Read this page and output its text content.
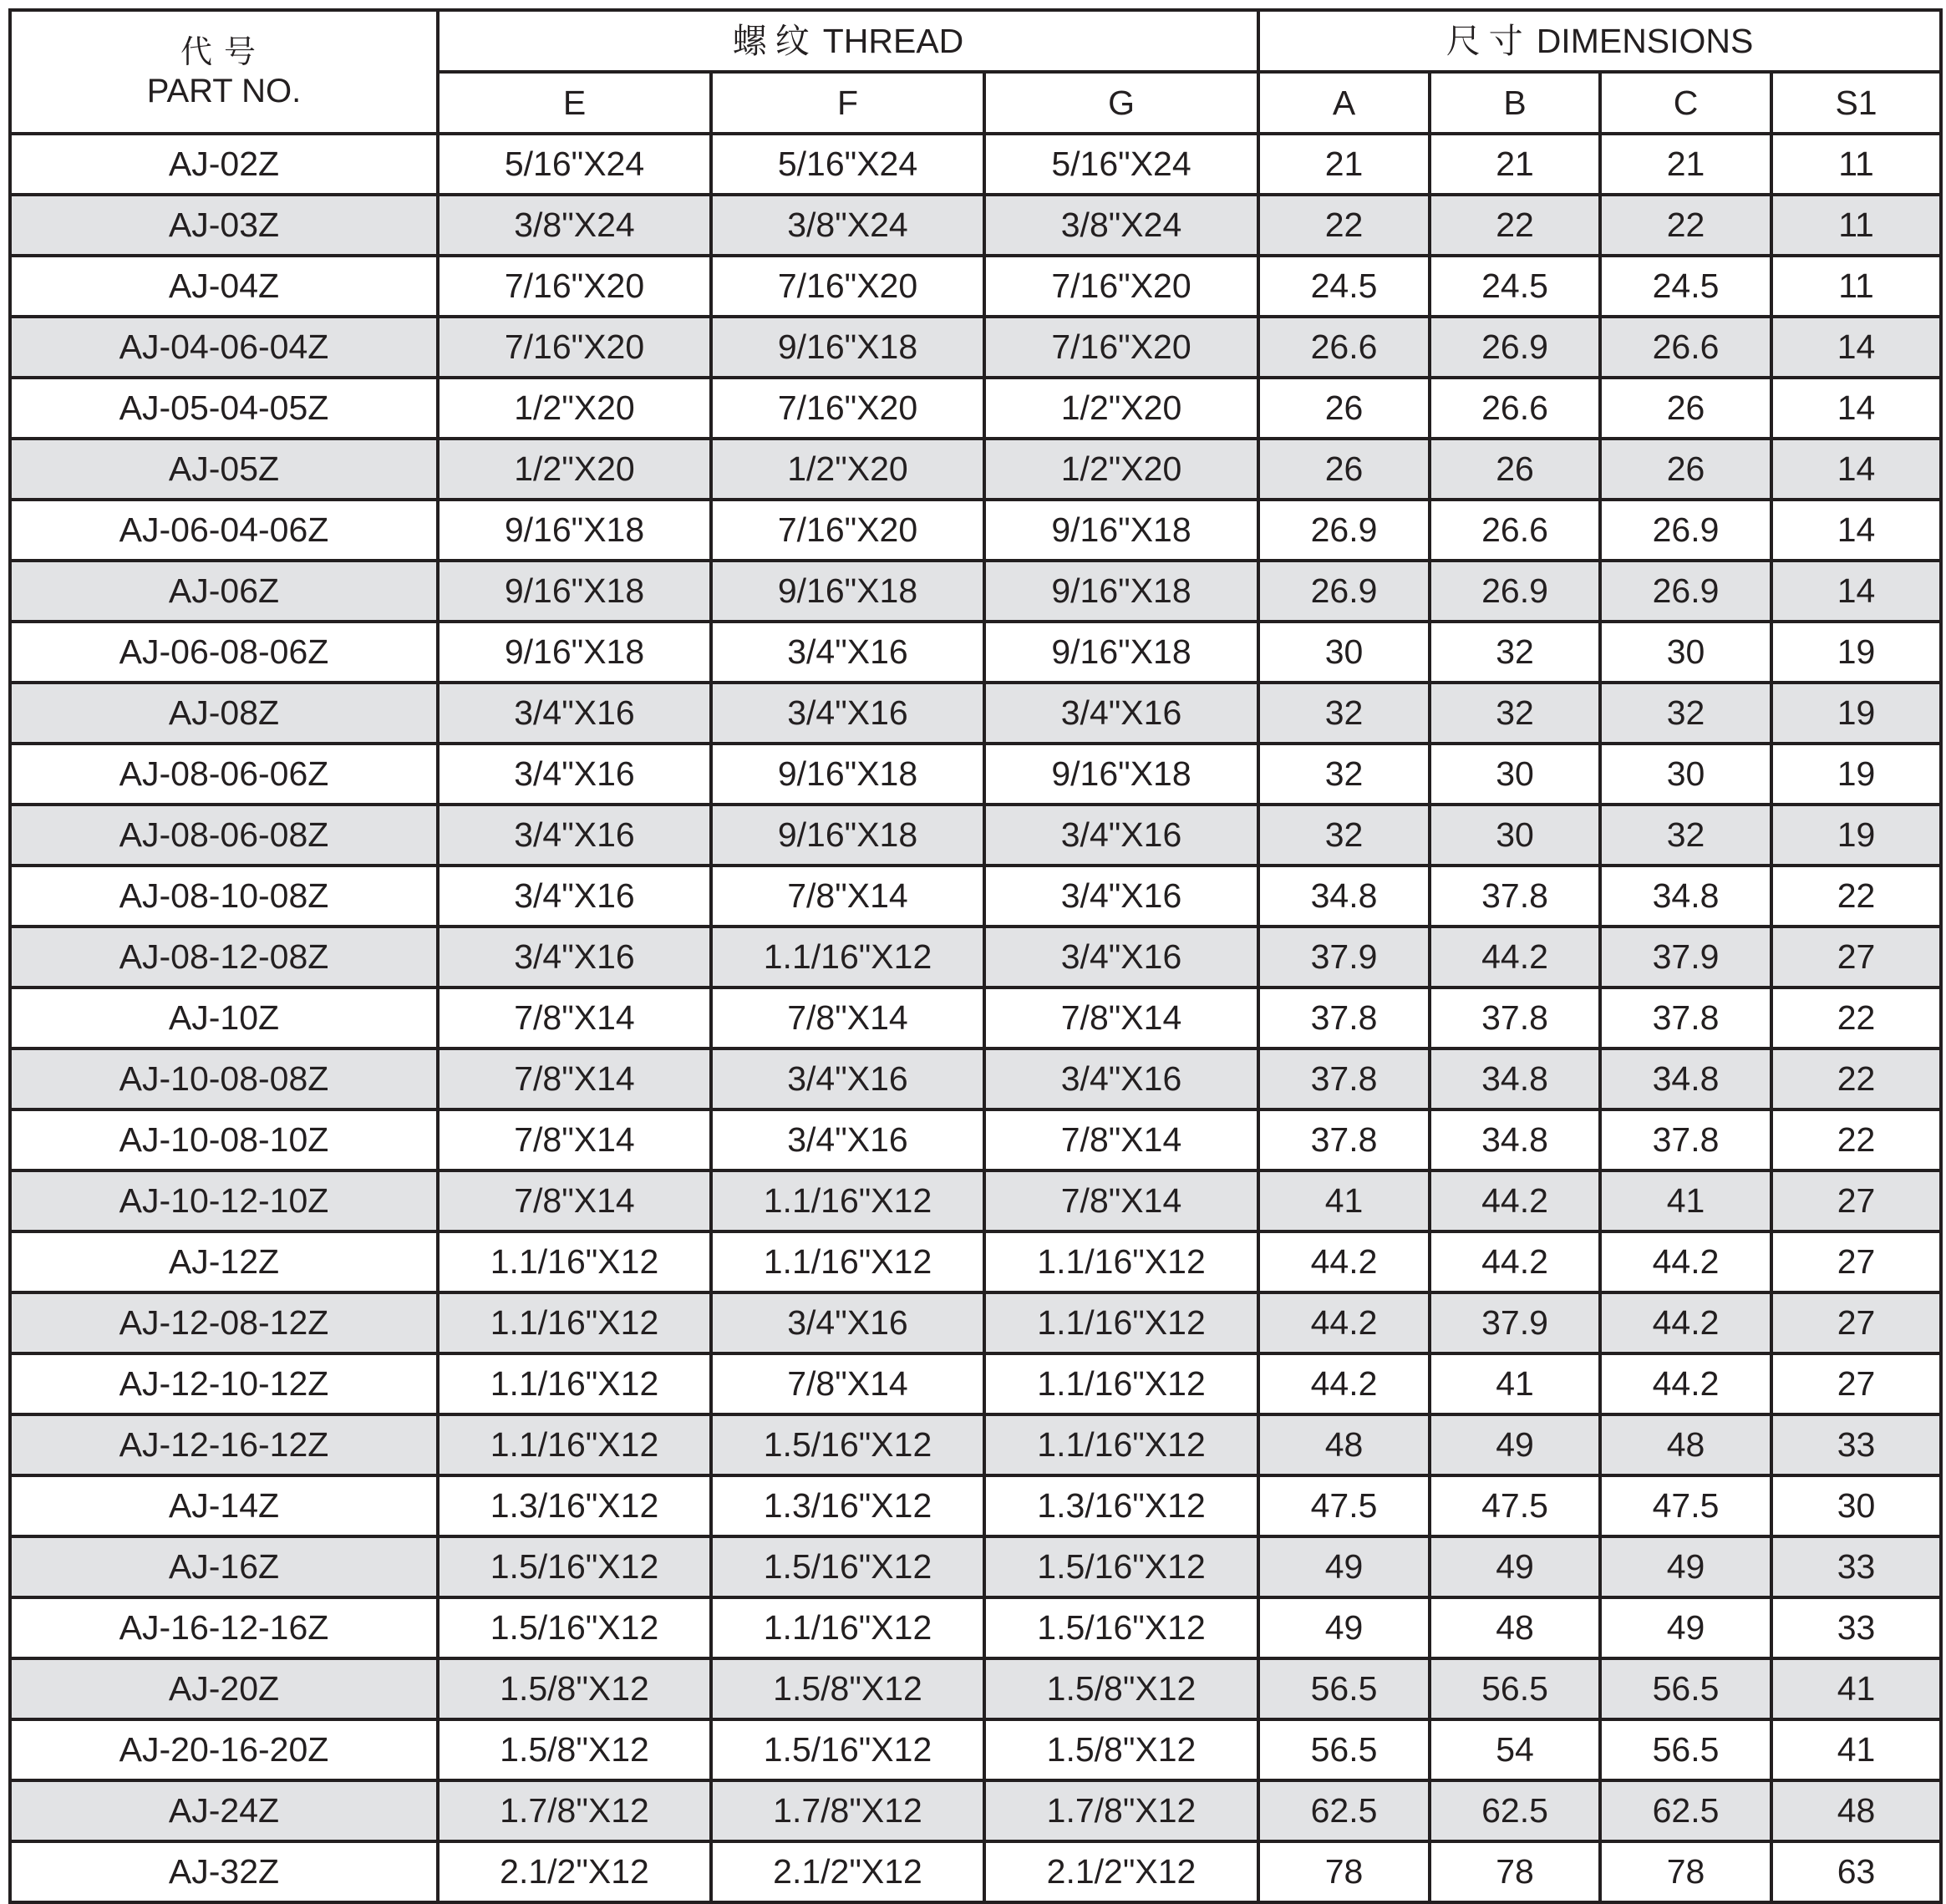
代号
PART NO.	螺纹 THREAD			尺寸 DIMENSIONS			
	E	F	G	A	B	C	S1
AJ-02Z	5/16"X24	5/16"X24	5/16"X24	21	21	21	11
AJ-03Z	3/8"X24	3/8"X24	3/8"X24	22	22	22	11
AJ-04Z	7/16"X20	7/16"X20	7/16"X20	24.5	24.5	24.5	11
AJ-04-06-04Z	7/16"X20	9/16"X18	7/16"X20	26.6	26.9	26.6	14
AJ-05-04-05Z	1/2"X20	7/16"X20	1/2"X20	26	26.6	26	14
AJ-05Z	1/2"X20	1/2"X20	1/2"X20	26	26	26	14
AJ-06-04-06Z	9/16"X18	7/16"X20	9/16"X18	26.9	26.6	26.9	14
AJ-06Z	9/16"X18	9/16"X18	9/16"X18	26.9	26.9	26.9	14
AJ-06-08-06Z	9/16"X18	3/4"X16	9/16"X18	30	32	30	19
AJ-08Z	3/4"X16	3/4"X16	3/4"X16	32	32	32	19
AJ-08-06-06Z	3/4"X16	9/16"X18	9/16"X18	32	30	30	19
AJ-08-06-08Z	3/4"X16	9/16"X18	3/4"X16	32	30	32	19
AJ-08-10-08Z	3/4"X16	7/8"X14	3/4"X16	34.8	37.8	34.8	22
AJ-08-12-08Z	3/4"X16	1.1/16"X12	3/4"X16	37.9	44.2	37.9	27
AJ-10Z	7/8"X14	7/8"X14	7/8"X14	37.8	37.8	37.8	22
AJ-10-08-08Z	7/8"X14	3/4"X16	3/4"X16	37.8	34.8	34.8	22
AJ-10-08-10Z	7/8"X14	3/4"X16	7/8"X14	37.8	34.8	37.8	22
AJ-10-12-10Z	7/8"X14	1.1/16"X12	7/8"X14	41	44.2	41	27
AJ-12Z	1.1/16"X12	1.1/16"X12	1.1/16"X12	44.2	44.2	44.2	27
AJ-12-08-12Z	1.1/16"X12	3/4"X16	1.1/16"X12	44.2	37.9	44.2	27
AJ-12-10-12Z	1.1/16"X12	7/8"X14	1.1/16"X12	44.2	41	44.2	27
AJ-12-16-12Z	1.1/16"X12	1.5/16"X12	1.1/16"X12	48	49	48	33
AJ-14Z	1.3/16"X12	1.3/16"X12	1.3/16"X12	47.5	47.5	47.5	30
AJ-16Z	1.5/16"X12	1.5/16"X12	1.5/16"X12	49	49	49	33
AJ-16-12-16Z	1.5/16"X12	1.1/16"X12	1.5/16"X12	49	48	49	33
AJ-20Z	1.5/8"X12	1.5/8"X12	1.5/8"X12	56.5	56.5	56.5	41
AJ-20-16-20Z	1.5/8"X12	1.5/16"X12	1.5/8"X12	56.5	54	56.5	41
AJ-24Z	1.7/8"X12	1.7/8"X12	1.7/8"X12	62.5	62.5	62.5	48
AJ-32Z	2.1/2"X12	2.1/2"X12	2.1/2"X12	78	78	78	63
